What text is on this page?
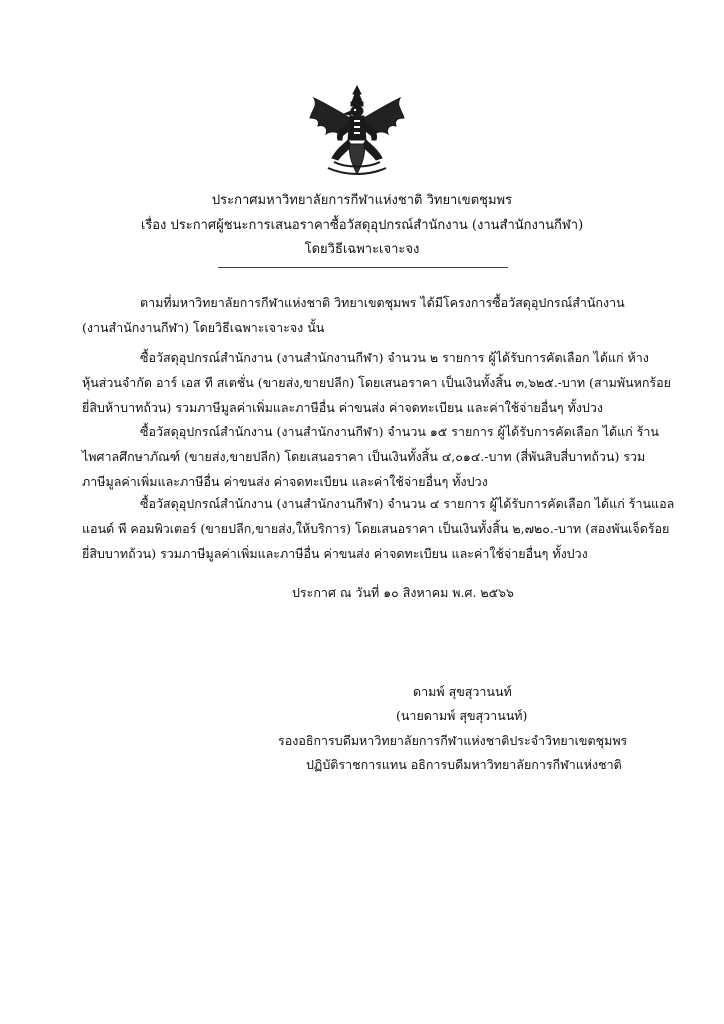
ประกาศมหาวิทยาลัยการกีฬาแห่งชาติ วิทยาเขตชุมพร
เรื่อง ประกาศผู้ชนะการเสนอราคาซื้อวัสดุอุปกรณ์สำนักงาน (งานสำนักงานกีฬา)
โดยวิธีเฉพาะเจาะจง
ตามที่มหาวิทยาลัยการกีฬาแห่งชาติ วิทยาเขตชุมพร ได้มีโครงการซื้อวัสดุอุปกรณ์สำนักงาน
(งานสำนักงานกีฬา) โดยวิธีเฉพาะเจาะจง นั้น
ซื้อวัสดุอุปกรณ์สำนักงาน (งานสำนักงานกีฬา) จำนวน ๒ รายการ ผู้ได้รับการคัดเลือก ได้แก่ ห้าง
หุ้นส่วนจำกัด อาร์ เอส ที สเตชั่น (ขายส่ง,ขายปลีก) โดยเสนอราคา เป็นเงินทั้งสิ้น ๓,๖๒๕.-บาท (สามพันหกร้อย
ยี่สิบห้าบาทถ้วน) รวมภาษีมูลค่าเพิ่มและภาษีอื่น ค่าขนส่ง ค่าจดทะเบียน และค่าใช้จ่ายอื่นๆ ทั้งปวง
ซื้อวัสดุอุปกรณ์สำนักงาน (งานสำนักงานกีฬา) จำนวน ๑๕ รายการ ผู้ได้รับการคัดเลือก ได้แก่ ร้าน
ไพศาลศึกษาภัณฑ์ (ขายส่ง,ขายปลีก) โดยเสนอราคา เป็นเงินทั้งสิ้น ๔,๐๑๔.-บาท (สี่พันสิบสี่บาทถ้วน) รวม
ภาษีมูลค่าเพิ่มและภาษีอื่น ค่าขนส่ง ค่าจดทะเบียน และค่าใช้จ่ายอื่นๆ ทั้งปวง
ซื้อวัสดุอุปกรณ์สำนักงาน (งานสำนักงานกีฬา) จำนวน ๔ รายการ ผู้ได้รับการคัดเลือก ได้แก่ ร้านแอล
แอนด์ พี คอมพิวเตอร์ (ขายปลีก,ขายส่ง,ให้บริการ) โดยเสนอราคา เป็นเงินทั้งสิ้น ๒,๗๒๐.-บาท (สองพันเจ็ดร้อย
ยี่สิบบาทถ้วน) รวมภาษีมูลค่าเพิ่มและภาษีอื่น ค่าขนส่ง ค่าจดทะเบียน และค่าใช้จ่ายอื่นๆ ทั้งปวง
ประกาศ ณ วันที่ ๑๐ สิงหาคม พ.ศ. ๒๕๖๖
ดามพ์ สุขสุวานนท์
(นายดามพ์ สุขสุวานนท์)
รองอธิการบดีมหาวิทยาลัยการกีฬาแห่งชาติประจำวิทยาเขตชุมพร
ปฏิบัติราชการแทน อธิการบดีมหาวิทยาลัยการกีฬาแห่งชาติ
